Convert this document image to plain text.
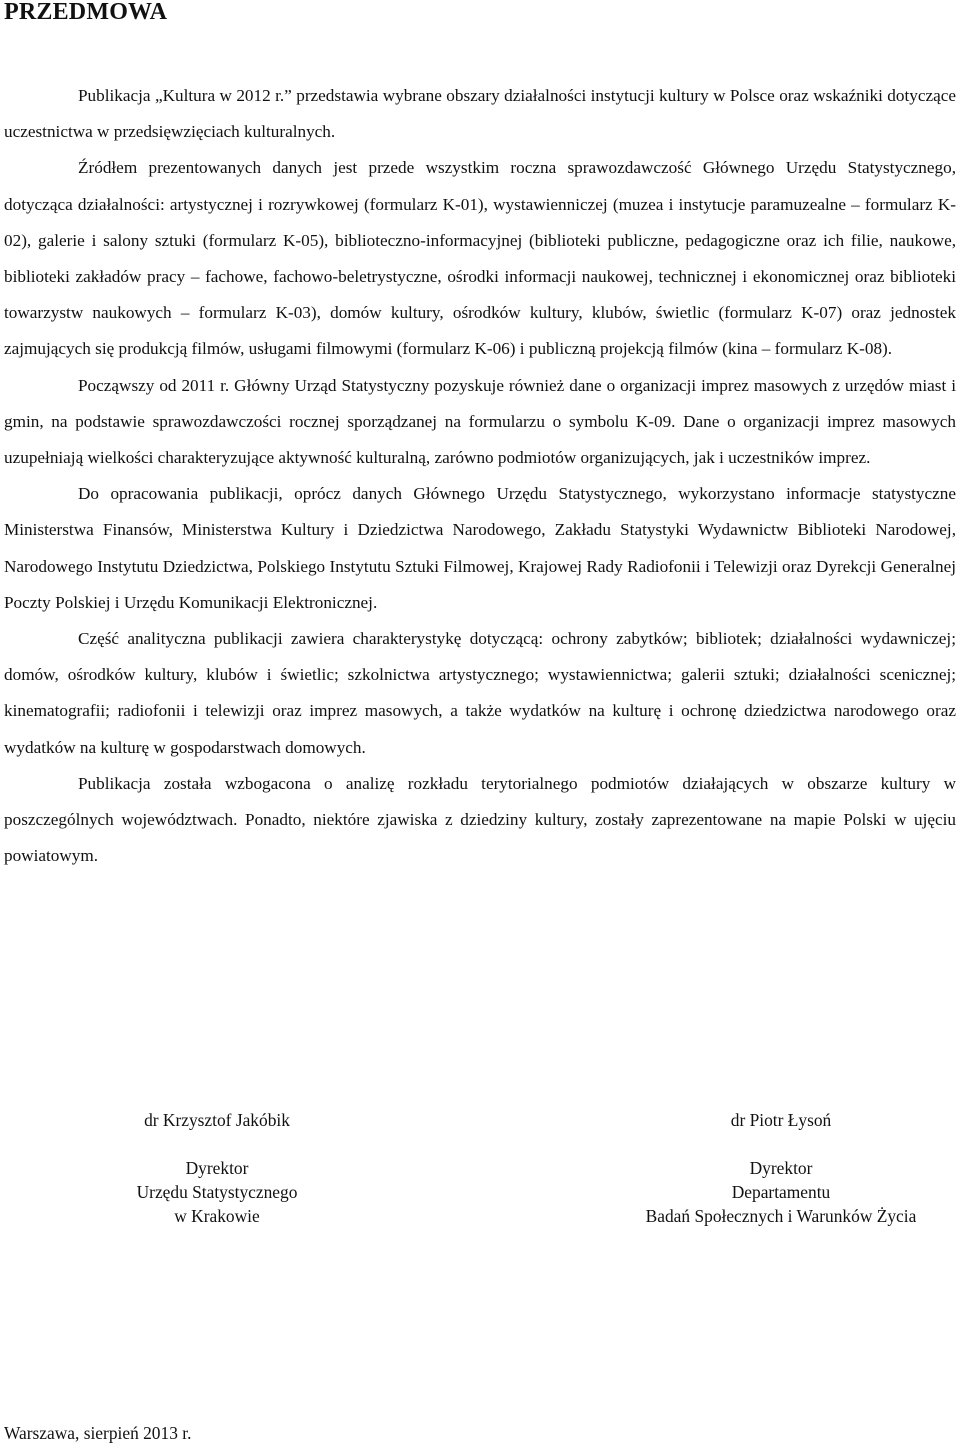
PRZEDMOWA

Publikacja „Kultura w 2012 r.” przedstawia wybrane obszary działalności instytucji kultury w Polsce oraz wskaźniki dotyczące uczestnictwa w przedsięwzięciach kulturalnych.

Źródłem prezentowanych danych jest przede wszystkim roczna sprawozdawczość Głównego Urzędu Statystycznego, dotycząca działalności: artystycznej i rozrywkowej (formularz K-01), wystawienniczej (muzea i instytucje paramuzealne – formularz K-02), galerie i salony sztuki (formularz K-05), biblioteczno-informacyjnej (biblioteki publiczne, pedagogiczne oraz ich filie, naukowe, biblioteki zakładów pracy – fachowe, fachowo-beletrystyczne, ośrodki informacji naukowej, technicznej i ekonomicznej oraz biblioteki towarzystw naukowych – formularz K-03), domów kultury, ośrodków kultury, klubów, świetlic (formularz K-07) oraz jednostek zajmujących się produkcją filmów, usługami filmowymi (formularz K-06) i publiczną projekcją filmów (kina – formularz K-08).

Począwszy od 2011 r. Główny Urząd Statystyczny pozyskuje również dane o organizacji imprez masowych z urzędów miast i gmin, na podstawie sprawozdawczości rocznej sporządzanej na formularzu o symbolu K-09. Dane o organizacji imprez masowych uzupełniają wielkości charakteryzujące aktywność kulturalną, zarówno podmiotów organizujących, jak i uczestników imprez.

Do opracowania publikacji, oprócz danych Głównego Urzędu Statystycznego, wykorzystano informacje statystyczne Ministerstwa Finansów, Ministerstwa Kultury i Dziedzictwa Narodowego, Zakładu Statystyki Wydawnictw Biblioteki Narodowej, Narodowego Instytutu Dziedzictwa, Polskiego Instytutu Sztuki Filmowej, Krajowej Rady Radiofonii i Telewizji oraz Dyrekcji Generalnej Poczty Polskiej i Urzędu Komunikacji Elektronicznej.

Część analityczna publikacji zawiera charakterystykę dotyczącą: ochrony zabytków; bibliotek; działalności wydawniczej; domów, ośrodków kultury, klubów i świetlic; szkolnictwa artystycznego; wystawiennictwa; galerii sztuki; działalności scenicznej; kinematografii; radiofonii i telewizji oraz imprez masowych, a także wydatków na kulturę i ochronę dziedzictwa narodowego oraz wydatków na kulturę w gospodarstwach domowych.

Publikacja została wzbogacona o analizę rozkładu terytorialnego podmiotów działających w obszarze kultury w poszczególnych województwach. Ponadto, niektóre zjawiska z dziedziny kultury, zostały zaprezentowane na mapie Polski w ujęciu powiatowym.

dr Krzysztof Jakóbik
Dyrektor
Urzędu Statystycznego
w Krakowie
dr Piotr Łysoń
Dyrektor
Departamentu
Badań Społecznych i Warunków Życia
Warszawa, sierpień 2013 r.
